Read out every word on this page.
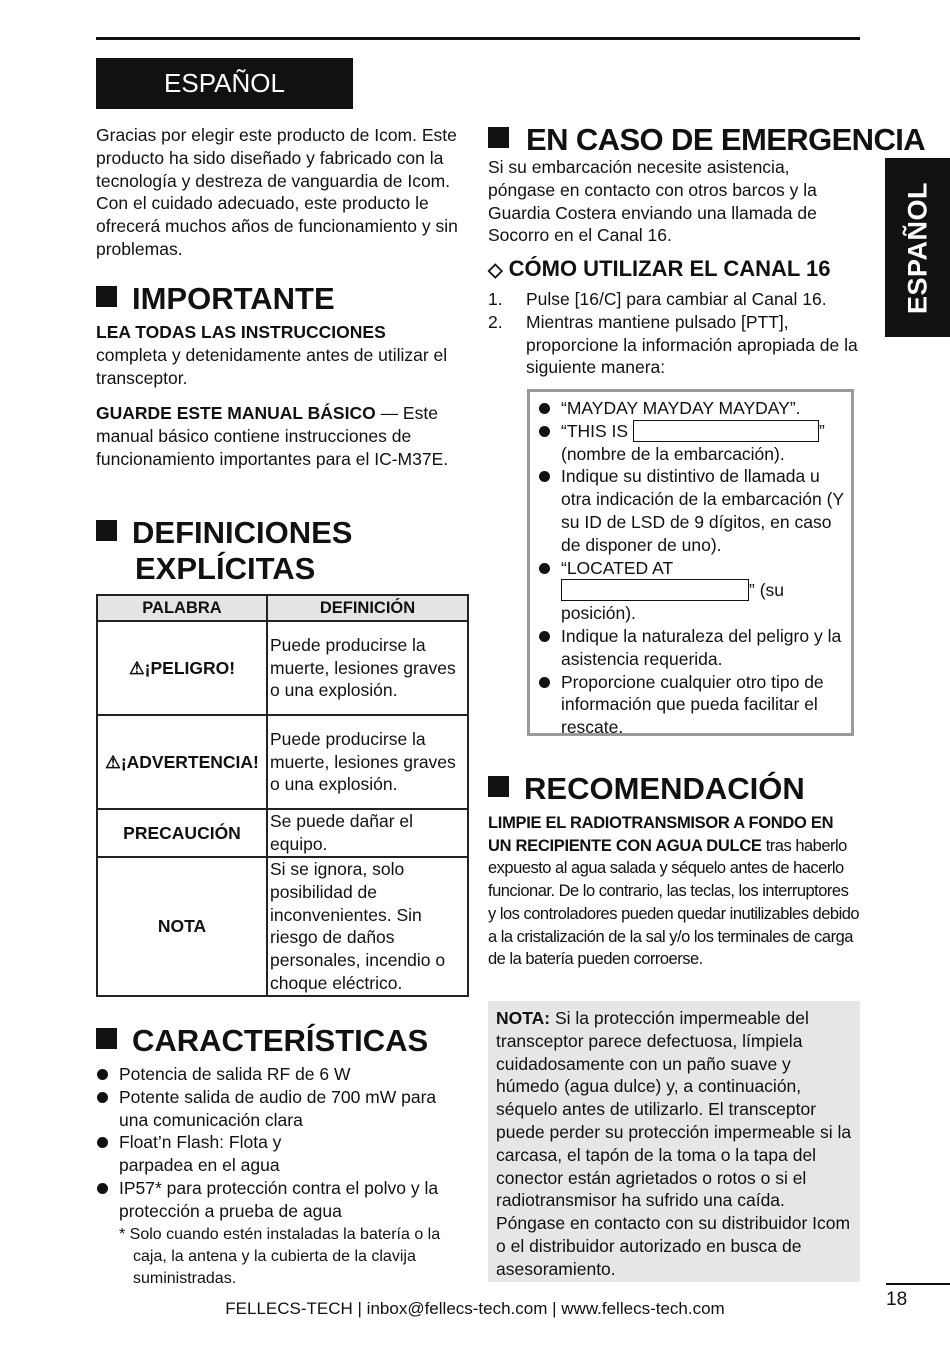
ESPAÑOL
ESPAÑOL
Gracias por elegir este producto de Icom. Este producto ha sido diseñado y fabricado con la tecnología y destreza de vanguardia de Icom. Con el cuidado adecuado, este producto le ofrecerá muchos años de funcionamiento y sin problemas.
IMPORTANTE
LEA TODAS LAS INSTRUCCIONES
completa y detenidamente antes de utilizar el transceptor.
GUARDE ESTE MANUAL BÁSICO — Este manual básico contiene instrucciones de funcionamiento importantes para el IC-M37E.
DEFINICIONES
EXPLÍCITAS
PALABRA	DEFINICIÓN
⚠¡PELIGRO!	Puede producirse la muerte, lesiones graves o una explosión.
⚠¡ADVERTENCIA!	Puede producirse la muerte, lesiones graves o una explosión.
PRECAUCIÓN	Se puede dañar el equipo.
NOTA	Si se ignora, solo posibilidad de inconvenientes. Sin riesgo de daños personales, incendio o choque eléctrico.
CARACTERÍSTICAS
Potencia de salida RF de 6 W
Potente salida de audio de 700 mW para una comunicación clara
Float’n Flash: Flota y parpadea en el agua
IP57* para protección contra el polvo y la protección a prueba de agua
* Solo cuando estén instaladas la batería o la caja, la antena y la cubierta de la clavija suministradas.
EN CASO DE EMERGENCIA
Si su embarcación necesite asistencia, póngase en contacto con otros barcos y la Guardia Costera enviando una llamada de Socorro en el Canal 16.
◇ CÓMO UTILIZAR EL CANAL 16
1. Pulse [16/C] para cambiar al Canal 16.
2. Mientras mantiene pulsado [PTT], proporcione la información apropiada de la siguiente manera:
“MAYDAY MAYDAY MAYDAY”.
“THIS IS	”
(nombre de la embarcación).
Indique su distintivo de llamada u otra indicación de la embarcación (Y su ID de LSD de 9 dígitos, en caso de disponer de uno).
“LOCATED AT
” (su
posición).
Indique la naturaleza del peligro y la asistencia requerida.
Proporcione cualquier otro tipo de información que pueda facilitar el rescate.
RECOMENDACIÓN
LIMPIE EL RADIOTRANSMISOR A FONDO EN UN RECIPIENTE CON AGUA DULCE tras haberlo expuesto al agua salada y séquelo antes de hacerlo funcionar. De lo contrario, las teclas, los interruptores y los controladores pueden quedar inutilizables debido a la cristalización de la sal y/o los terminales de carga de la batería pueden corroerse.
NOTA: Si la protección impermeable del transceptor parece defectuosa, límpiela cuidadosamente con un paño suave y húmedo (agua dulce) y, a continuación, séquelo antes de utilizarlo. El transceptor puede perder su protección impermeable si la carcasa, el tapón de la toma o la tapa del conector están agrietados o rotos o si el radiotransmisor ha sufrido una caída. Póngase en contacto con su distribuidor Icom o el distribuidor autorizado en busca de asesoramiento.
18
FELLECS-TECH | inbox@fellecs-tech.com | www.fellecs-tech.com
